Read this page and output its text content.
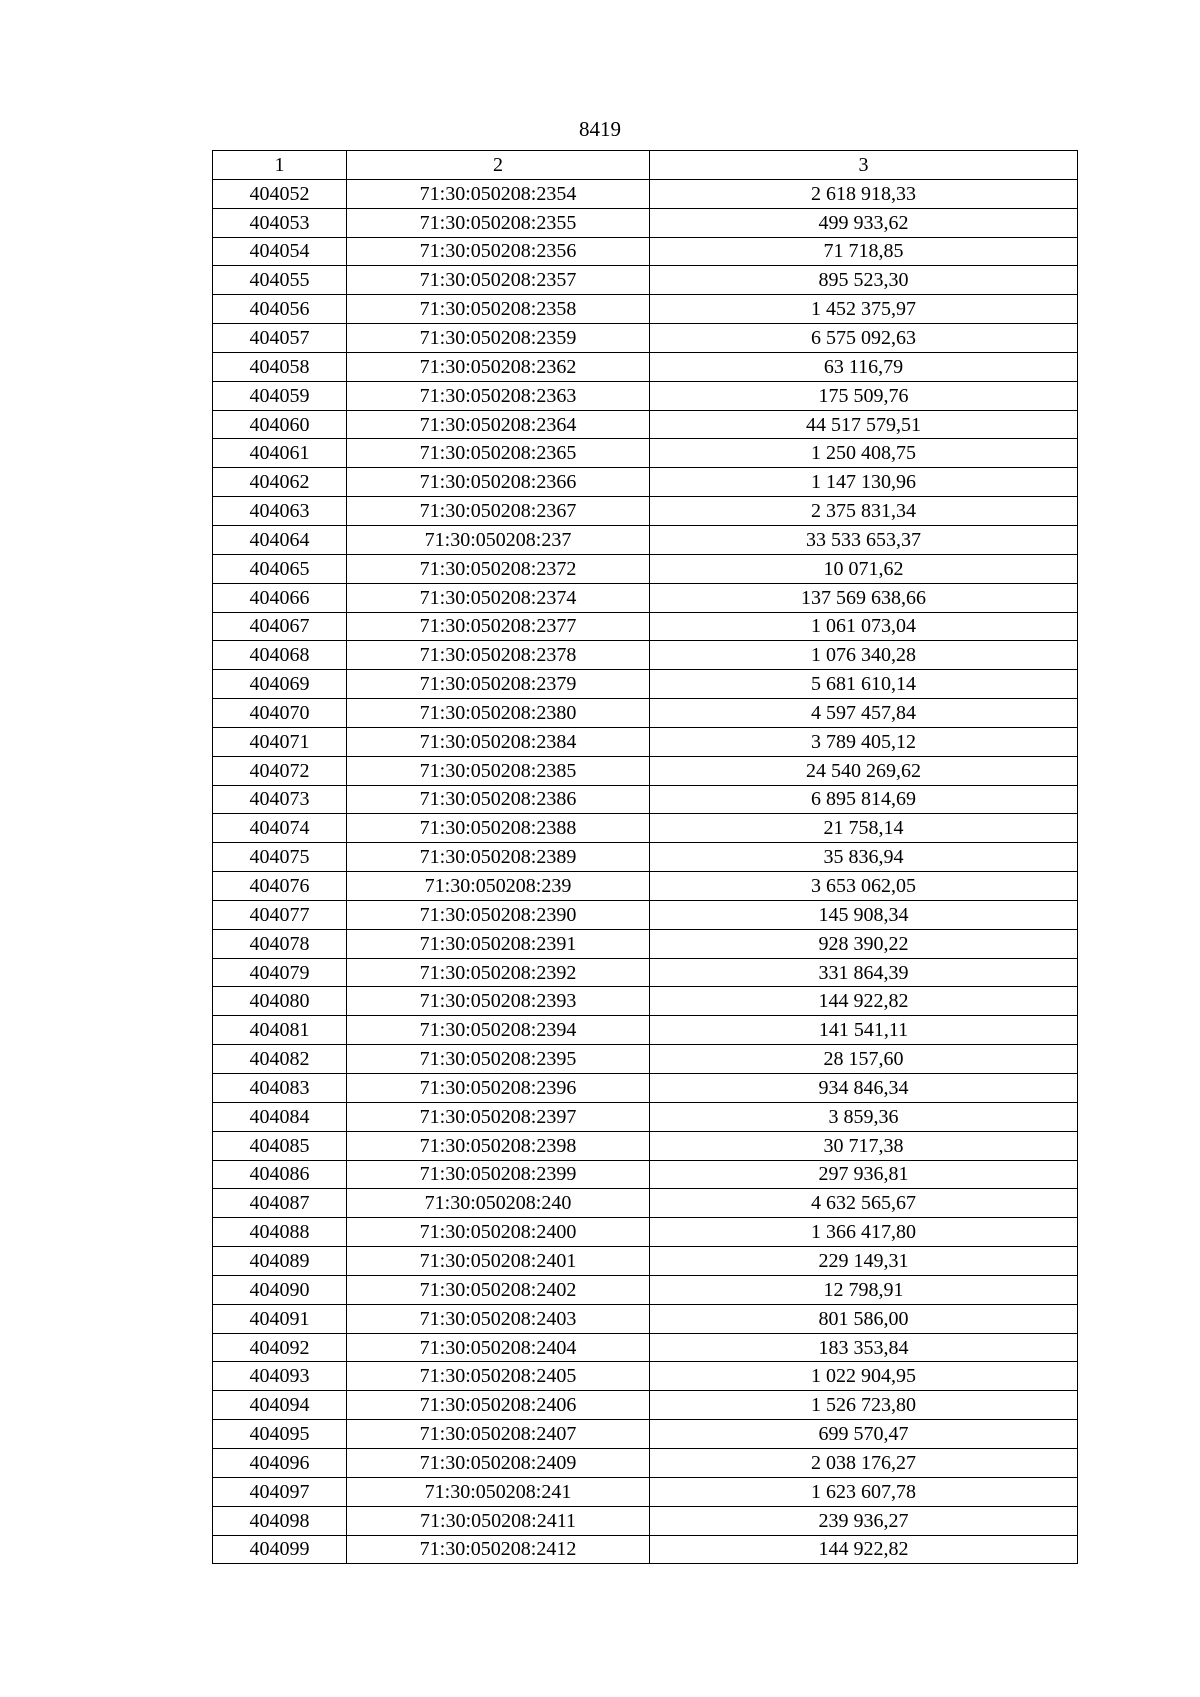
8419
1	2	3
404052	71:30:050208:2354	2 618 918,33
404053	71:30:050208:2355	499 933,62
404054	71:30:050208:2356	71 718,85
404055	71:30:050208:2357	895 523,30
404056	71:30:050208:2358	1 452 375,97
404057	71:30:050208:2359	6 575 092,63
404058	71:30:050208:2362	63 116,79
404059	71:30:050208:2363	175 509,76
404060	71:30:050208:2364	44 517 579,51
404061	71:30:050208:2365	1 250 408,75
404062	71:30:050208:2366	1 147 130,96
404063	71:30:050208:2367	2 375 831,34
404064	71:30:050208:237	33 533 653,37
404065	71:30:050208:2372	10 071,62
404066	71:30:050208:2374	137 569 638,66
404067	71:30:050208:2377	1 061 073,04
404068	71:30:050208:2378	1 076 340,28
404069	71:30:050208:2379	5 681 610,14
404070	71:30:050208:2380	4 597 457,84
404071	71:30:050208:2384	3 789 405,12
404072	71:30:050208:2385	24 540 269,62
404073	71:30:050208:2386	6 895 814,69
404074	71:30:050208:2388	21 758,14
404075	71:30:050208:2389	35 836,94
404076	71:30:050208:239	3 653 062,05
404077	71:30:050208:2390	145 908,34
404078	71:30:050208:2391	928 390,22
404079	71:30:050208:2392	331 864,39
404080	71:30:050208:2393	144 922,82
404081	71:30:050208:2394	141 541,11
404082	71:30:050208:2395	28 157,60
404083	71:30:050208:2396	934 846,34
404084	71:30:050208:2397	3 859,36
404085	71:30:050208:2398	30 717,38
404086	71:30:050208:2399	297 936,81
404087	71:30:050208:240	4 632 565,67
404088	71:30:050208:2400	1 366 417,80
404089	71:30:050208:2401	229 149,31
404090	71:30:050208:2402	12 798,91
404091	71:30:050208:2403	801 586,00
404092	71:30:050208:2404	183 353,84
404093	71:30:050208:2405	1 022 904,95
404094	71:30:050208:2406	1 526 723,80
404095	71:30:050208:2407	699 570,47
404096	71:30:050208:2409	2 038 176,27
404097	71:30:050208:241	1 623 607,78
404098	71:30:050208:2411	239 936,27
404099	71:30:050208:2412	144 922,82
